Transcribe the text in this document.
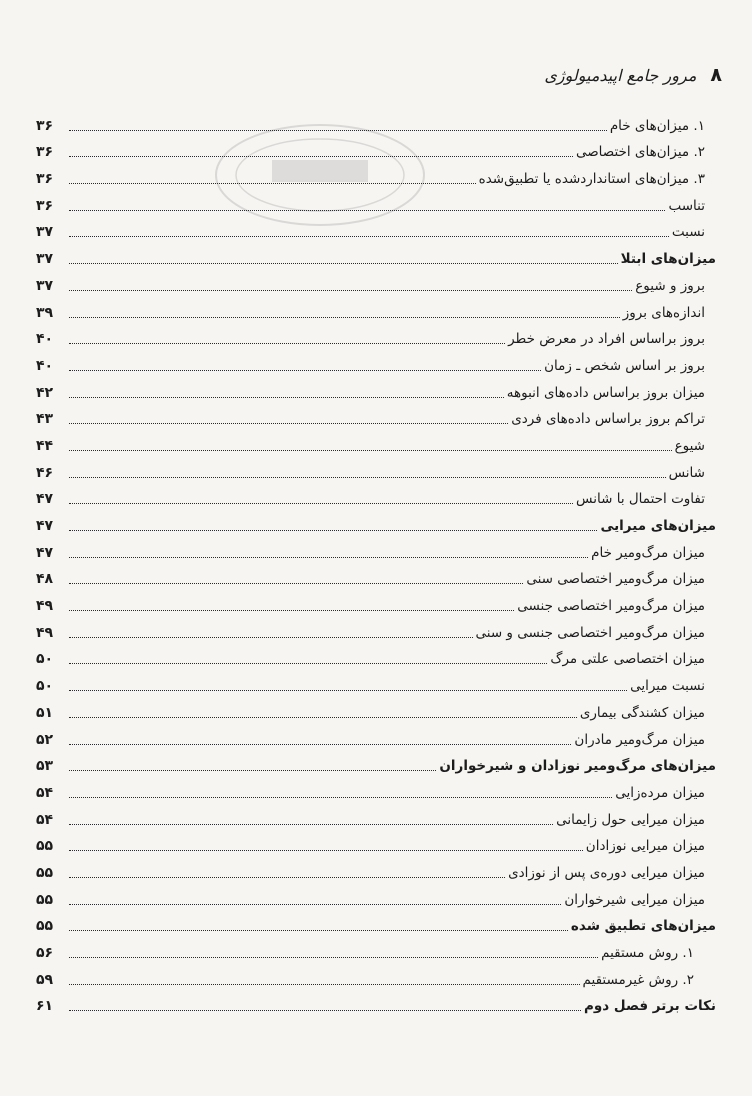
۸
مرور جامع اپیدمیولوژی
۱. میزان‌های خام
۳۶
۲. میزان‌های اختصاصی
۳۶
۳. میزان‌های استانداردشده یا تطبیق‌شده
۳۶
تناسب
۳۶
نسبت
۳۷
میزان‌های ابتلا
۳۷
بروز و شیوع
۳۷
اندازه‌های بروز
۳۹
بروز براساس افراد در معرض خطر
۴۰
بروز بر اساس شخص ـ زمان
۴۰
میزان بروز براساس داده‌های انبوهه
۴۲
تراکم بروز براساس داده‌های فردی
۴۳
شیوع
۴۴
شانس
۴۶
تفاوت احتمال با شانس
۴۷
میزان‌های میرایی
۴۷
میزان مرگ‌ومیر خام
۴۷
میزان مرگ‌ومیر اختصاصی سنی
۴۸
میزان مرگ‌ومیر اختصاصی جنسی
۴۹
میزان مرگ‌ومیر اختصاصی جنسی و سنی
۴۹
میزان اختصاصی علتی مرگ
۵۰
نسبت میرایی
۵۰
میزان کشندگی بیماری
۵۱
میزان مرگ‌ومیر مادران
۵۲
میزان‌های مرگ‌ومیر نوزادان و شیرخواران
۵۳
میزان مرده‌زایی
۵۴
میزان میرایی حول زایمانی
۵۴
میزان میرایی نوزادان
۵۵
میزان میرایی دوره‌ی پس از نوزادی
۵۵
میزان میرایی شیرخواران
۵۵
میزان‌های تطبیق شده
۵۵
۱. روش مستقیم
۵۶
۲. روش غیرمستقیم
۵۹
نکات برتر فصل دوم
۶۱
